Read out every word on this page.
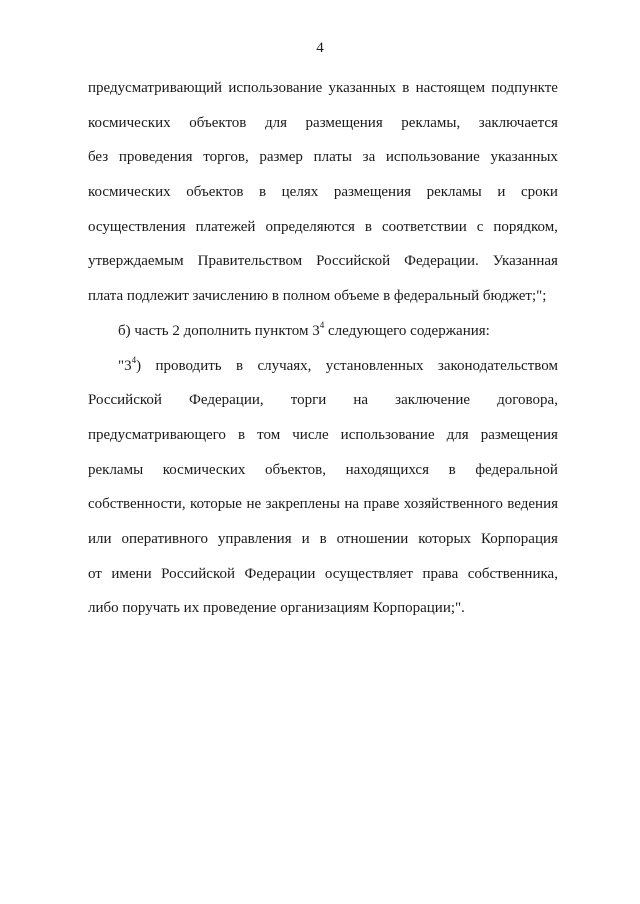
4
предусматривающий использование указанных в настоящем подпункте
космических объектов для размещения рекламы, заключается
без проведения торгов, размер платы за использование указанных
космических объектов в целях размещения рекламы и сроки
осуществления платежей определяются в соответствии с порядком,
утверждаемым Правительством Российской Федерации. Указанная
плата подлежит зачислению в полном объеме в федеральный бюджет;";
б) часть 2 дополнить пунктом $3^4$ следующего содержания:
"$3^4$) проводить в случаях, установленных законодательством
Российской Федерации, торги на заключение договора,
предусматривающего в том числе использование для размещения
рекламы космических объектов, находящихся в федеральной
собственности, которые не закреплены на праве хозяйственного ведения
или оперативного управления и в отношении которых Корпорация
от имени Российской Федерации осуществляет права собственника,
либо поручать их проведение организациям Корпорации;".
